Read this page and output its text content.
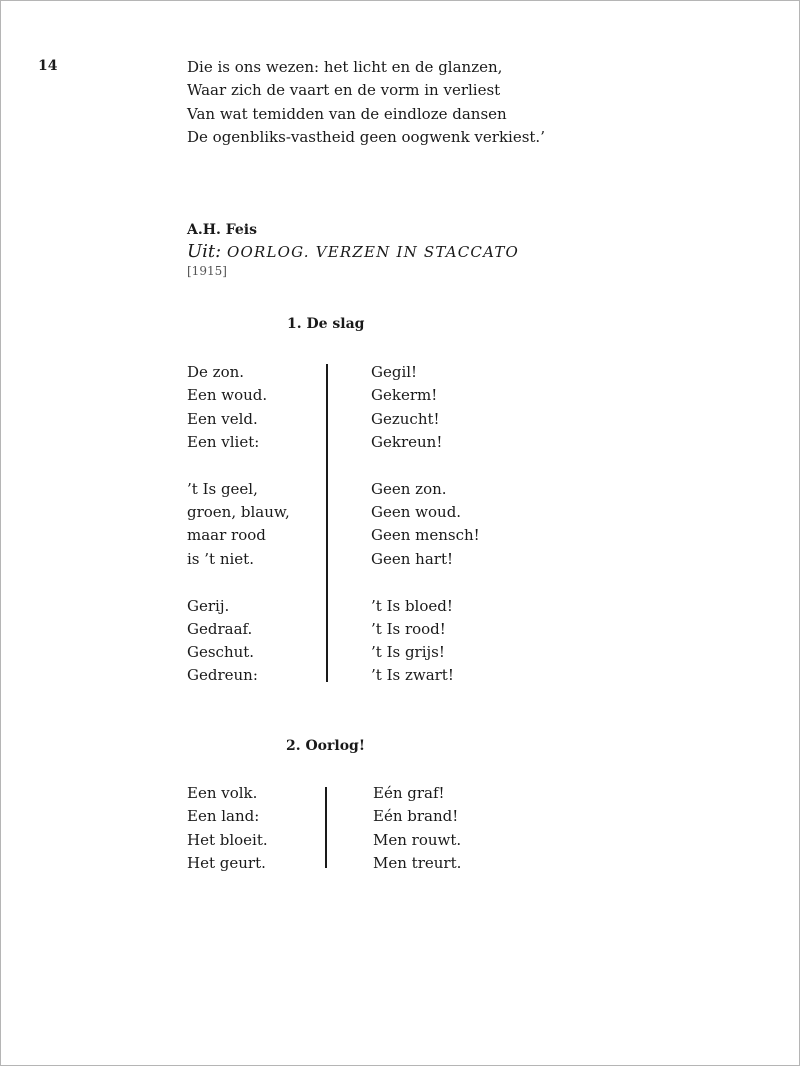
14	Die is ons wezen: het licht en de glanzen,
Waar zich de vaart en de vorm in verliest
Van wat temidden van de eindloze dansen
De ogenbliks-vastheid geen oogwenk verkiest.’
A.H. Feis
Uit: OORLOG. VERZEN IN STACCATO
[1915]
1. De slag
De zon.
Een woud.
Een veld.
Een vliet:
’t Is geel,
groen, blauw,
maar rood
is ’t niet.
Gerij.
Gedraaf.
Geschut.
Gedreun:
Gegil!
Gekerm!
Gezucht!
Gekreun!
Geen zon.
Geen woud.
Geen mensch!
Geen hart!
’t Is bloed!
’t Is rood!
’t Is grijs!
’t Is zwart!
2. Oorlog!
Een volk.
Een land:
Het bloeit.
Het geurt.
Eén graf!
Eén brand!
Men rouwt.
Men treurt.
